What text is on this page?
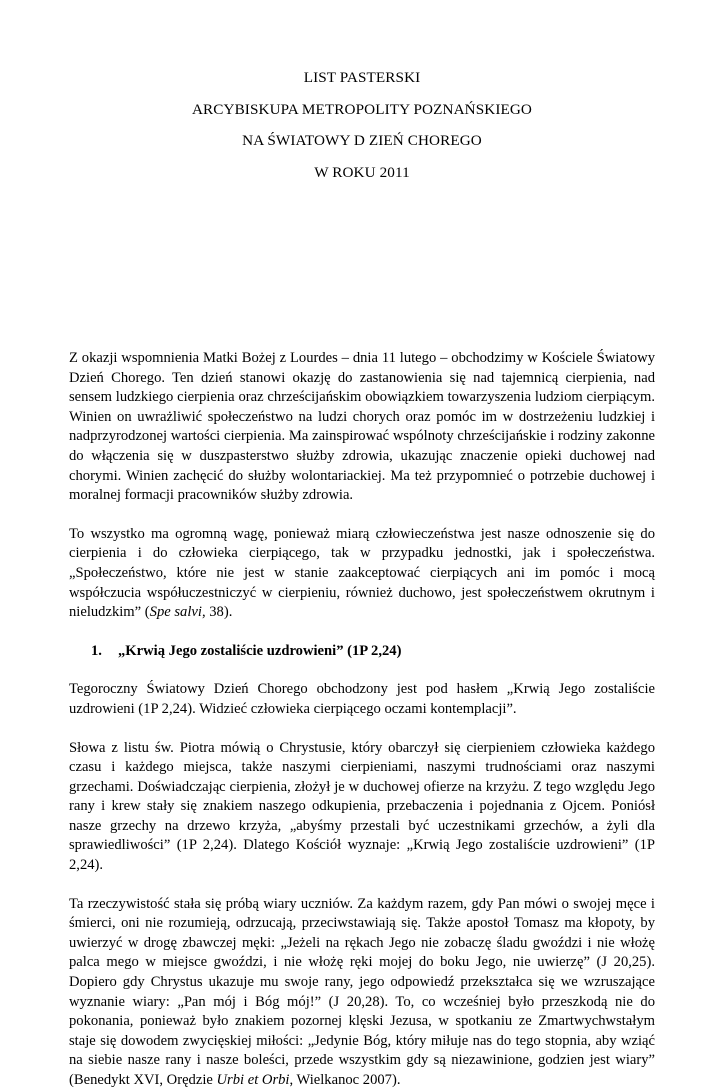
LIST PASTERSKI
ARCYBISKUPA METROPOLITY POZNAŃSKIEGO
NA ŚWIATOWY D ZIEŃ CHOREGO
W ROKU 2011

Z okazji wspomnienia Matki Bożej z Lourdes – dnia 11 lutego – obchodzimy w Kościele Światowy Dzień Chorego. Ten dzień stanowi okazję do zastanowienia się nad tajemnicą cierpienia, nad sensem ludzkiego cierpienia oraz chrześcijańskim obowiązkiem towarzyszenia ludziom cierpiącym. Winien on uwrażliwić społeczeństwo na ludzi chorych oraz pomóc im w dostrzeżeniu ludzkiej i nadprzyrodzonej wartości cierpienia. Ma zainspirować wspólnoty chrześcijańskie i rodziny zakonne do włączenia się w duszpasterstwo służby zdrowia, ukazując znaczenie opieki duchowej nad chorymi. Winien zachęcić do służby wolontariackiej. Ma też przypomnieć o potrzebie duchowej i moralnej formacji pracowników służby zdrowia.

To wszystko ma ogromną wagę, ponieważ miarą człowieczeństwa jest nasze odnoszenie się do cierpienia i do człowieka cierpiącego, tak w przypadku jednostki, jak i społeczeństwa. „Społeczeństwo, które nie jest w stanie zaakceptować cierpiących ani im pomóc i mocą współczucia współuczestniczyć w cierpieniu, również duchowo, jest społeczeństwem okrutnym i nieludzkim” (Spe salvi, 38).

1. „Krwią Jego zostaliście uzdrowieni” (1P 2,24)

Tegoroczny Światowy Dzień Chorego obchodzony jest pod hasłem „Krwią Jego zostaliście uzdrowieni (1P 2,24). Widzieć człowieka cierpiącego oczami kontemplacji”.

Słowa z listu św. Piotra mówią o Chrystusie, który obarczył się cierpieniem człowieka każdego czasu i każdego miejsca, także naszymi cierpieniami, naszymi trudnościami oraz naszymi grzechami. Doświadczając cierpienia, złożył je w duchowej ofierze na krzyżu. Z tego względu Jego rany i krew stały się znakiem naszego odkupienia, przebaczenia i pojednania z Ojcem. Poniósł nasze grzechy na drzewo krzyża, „abyśmy przestali być uczestnikami grzechów, a żyli dla sprawiedliwości” (1P 2,24). Dlatego Kościół wyznaje: „Krwią Jego zostaliście uzdrowieni” (1P 2,24).

Ta rzeczywistość stała się próbą wiary uczniów. Za każdym razem, gdy Pan mówi o swojej męce i śmierci, oni nie rozumieją, odrzucają, przeciwstawiają się. Także apostoł Tomasz ma kłopoty, by uwierzyć w drogę zbawczej męki: „Jeżeli na rękach Jego nie zobaczę śladu gwoździ i nie włożę palca mego w miejsce gwoździ, i nie włożę ręki mojej do boku Jego, nie uwierzę” (J 20,25). Dopiero gdy Chrystus ukazuje mu swoje rany, jego odpowiedź przekształca się we wzruszające wyznanie wiary: „Pan mój i Bóg mój!” (J 20,28). To, co wcześniej było przeszkodą nie do pokonania, ponieważ było znakiem pozornej klęski Jezusa, w spotkaniu ze Zmartwychwstałym staje się dowodem zwycięskiej miłości: „Jedynie Bóg, który miłuje nas do tego stopnia, aby wziąć na siebie nasze rany i nasze boleści, przede wszystkim gdy są niezawinione, godzien jest wiary” (Benedykt XVI, Orędzie Urbi et Orbi, Wielkanoc 2007).
